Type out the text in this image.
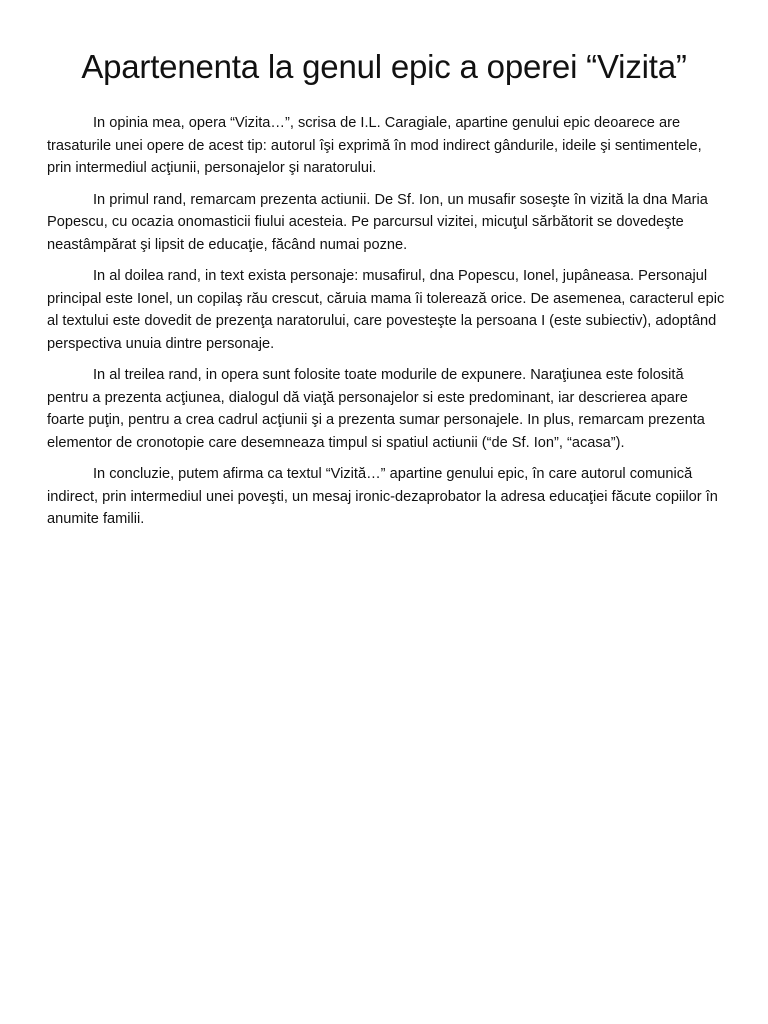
Apartenenta la genul epic a operei “Vizita”

In opinia mea, opera “Vizita…”, scrisa de I.L. Caragiale, apartine genului epic deoarece are trasaturile unei opere de acest tip: autorul îşi exprimă în mod indirect gândurile, ideile şi sentimentele, prin intermediul acţiunii, personajelor şi naratorului.

In primul rand, remarcam prezenta actiunii. De Sf. Ion, un musafir soseşte în vizită la dna Maria Popescu, cu ocazia onomasticii fiului acesteia. Pe parcursul vizitei, micuţul sărbătorit se dovedeşte neastâmpărat şi lipsit de educaţie, făcând numai pozne.

In al doilea rand, in text exista personaje: musafirul, dna Popescu, Ionel, jupâneasa. Personajul principal este Ionel, un copilaş rău crescut, căruia mama îi tolerează orice. De asemenea, caracterul epic al textului este dovedit de prezenţa naratorului, care povesteşte la persoana I (este subiectiv), adoptând perspectiva unuia dintre personaje.

In al treilea rand, in opera sunt folosite toate modurile de expunere. Naraţiunea este folosită pentru a prezenta acţiunea, dialogul dă viaţă personajelor si este predominant, iar descrierea apare foarte puţin, pentru a crea cadrul acţiunii şi a prezenta sumar personajele. In plus, remarcam prezenta elementor de cronotopie care desemneaza timpul si spatiul actiunii (“de Sf. Ion”, “acasa”).

In concluzie, putem afirma ca textul “Vizită…” apartine genului epic, în care autorul comunică indirect, prin intermediul unei poveşti, un mesaj ironic-dezaprobator la adresa educaţiei făcute copiilor în anumite familii.
